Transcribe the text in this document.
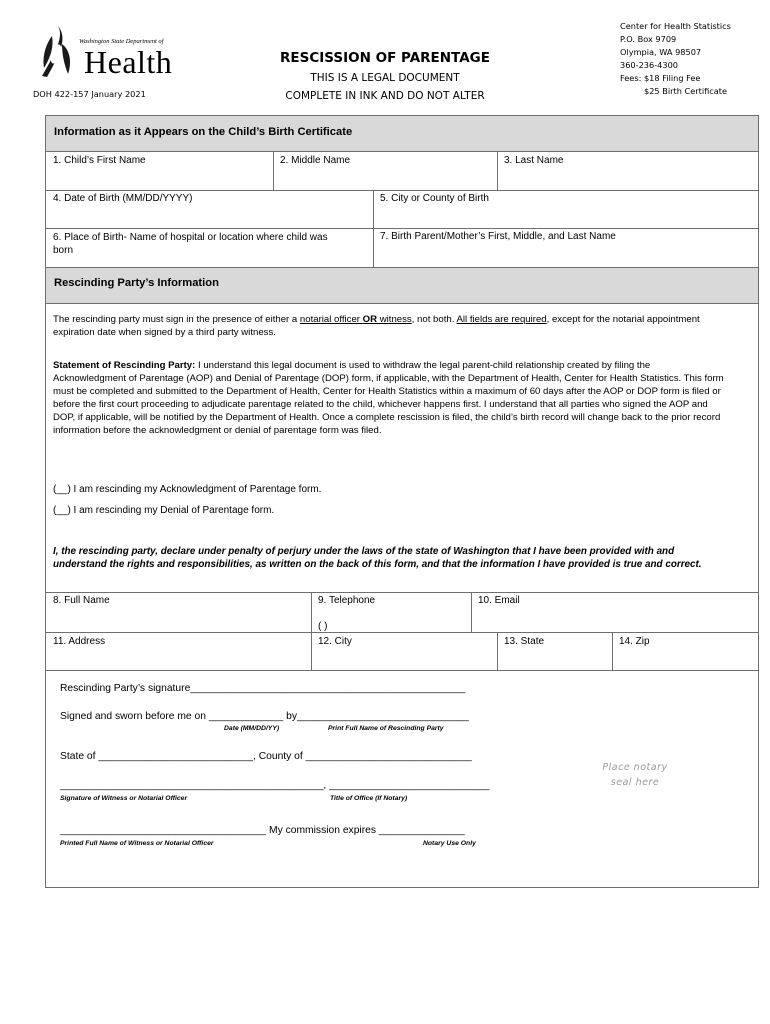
Washington State Department of
Health
DOH 422-157 January 2021
RESCISSION OF PARENTAGE
THIS IS A LEGAL DOCUMENT
COMPLETE IN INK AND DO NOT ALTER
Center for Health Statistics
P.O. Box 9709
Olympia, WA 98507
360-236-4300
Fees: $18 Filing Fee
$25 Birth Certificate
Information as it Appears on the Child’s Birth Certificate
1. Child’s First Name	2. Middle Name	3. Last Name
4. Date of Birth (MM/DD/YYYY)	5. City or County of Birth
6. Place of Birth- Name of hospital or location where child was
born
7. Birth Parent/Mother’s First, Middle, and Last Name
Rescinding Party’s Information
The rescinding party must sign in the presence of either a notarial officer OR witness, not both. All fields are required, except for the notarial appointment expiration date when signed by a third party witness.
Statement of Rescinding Party: I understand this legal document is used to withdraw the legal parent-child relationship created by filing the Acknowledgment of Parentage (AOP) and Denial of Parentage (DOP) form, if applicable, with the Department of Health, Center for Health Statistics. This form must be completed and submitted to the Department of Health, Center for Health Statistics within a maximum of 60 days after the AOP or DOP form is filed or before the first court proceeding to adjudicate parentage related to the child, whichever happens first. I understand that all parties who signed the AOP and DOP, if applicable, will be notified by the Department of Health. Once a complete rescission is filed, the child’s birth record will change back to the prior record information before the acknowledgment or denial of parentage form was filed.
(__) I am rescinding my Acknowledgment of Parentage form.
(__) I am rescinding my Denial of Parentage form.
I, the rescinding party, declare under penalty of perjury under the laws of the state of Washington that I have been provided with and understand the rights and responsibilities, as written on the back of this form, and that the information I have provided is true and correct.
8. Full Name	9. Telephone
( )
10. Email
11. Address	12. City	13. State	14. Zip
Rescinding Party’s signature________________________________________________
Signed and sworn before me on _____________ by______________________________
Date (MM/DD/YY)	Print Full Name of Rescinding Party
State of ___________________________, County of _____________________________
______________________________________________, ____________________________
Signature of Witness or Notarial Officer	Title of Office (If Notary)
____________________________________ My commission expires _______________
Printed Full Name of Witness or Notarial Officer	Notary Use Only
Place notary
seal here
